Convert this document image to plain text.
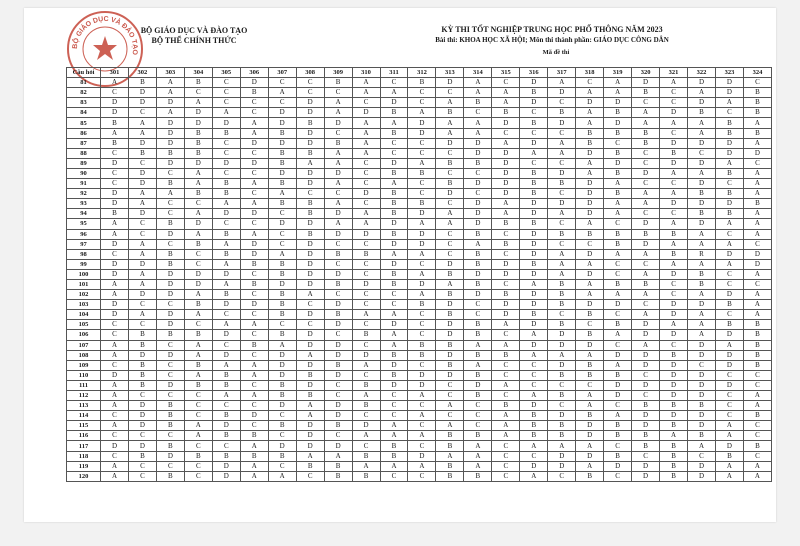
BỘ GIÁO DỤC VÀ ĐÀO TẠO
BỘ GIÁO DỤC VÀ ĐÀO TẠO
BỘ THỂ CHÍNH THỨC
KỲ THI TỐT NGHIỆP TRUNG HỌC PHỔ THÔNG NĂM 2023
Bài thi: KHOA HỌC XÃ HỘI; Môn thi thành phần: GIÁO DỤC CÔNG DÂN
Mã đề thi
Câu hỏi	301	302	303	304	305	306	307	308	309	310	311	312	313	314	315	316	317	318	319	320	321	322	323	324
81	A	B	A	B	C	D	C	C	B	A	C	B	D	A	C	D	A	C	A	D	A	D	D	C
82	C	D	A	C	C	B	A	C	C	A	A	C	C	A	A	B	D	A	A	B	C	A	D	B
83	D	D	D	A	C	C	C	D	A	C	D	C	A	B	A	D	C	D	D	C	C	D	A	B
84	D	C	A	D	A	C	D	D	A	D	B	A	B	C	B	C	B	A	B	A	D	B	C	B
85	B	A	D	D	D	A	D	B	D	A	A	D	A	A	D	B	D	A	D	A	A	A	B	A
86	A	A	D	B	B	A	B	D	C	A	B	D	A	A	C	C	C	B	B	B	C	A	B	B
87	B	D	D	B	C	D	D	D	B	A	C	C	D	D	A	D	A	B	C	B	D	D	D	A
88	C	B	B	B	C	C	B	B	A	A	C	C	C	D	D	A	A	D	B	C	B	C	D	D
89	D	C	D	D	D	D	B	A	A	C	D	A	B	B	D	C	C	A	D	C	D	D	A	C
90	C	D	C	A	C	C	D	D	D	C	B	B	C	C	D	B	D	A	B	D	A	A	B	A
91	C	D	B	A	B	A	B	D	A	C	A	C	B	D	D	B	B	D	A	C	C	D	C	A
92	D	A	A	B	B	C	A	C	C	D	B	C	D	C	D	B	C	D	B	A	A	B	B	A
93	D	A	C	C	A	A	B	B	A	C	B	B	C	D	A	D	D	D	A	A	D	D	D	B
94	B	D	C	A	D	D	C	B	D	A	B	D	A	D	A	D	A	D	A	C	C	B	B	A
95	A	C	B	D	C	C	D	D	A	A	D	A	A	D	B	B	C	A	C	D	A	D	A	A
96	A	C	D	A	B	A	C	B	D	D	B	D	C	B	C	D	B	B	B	B	B	A	C	A
97	D	A	C	B	A	D	C	D	C	C	D	D	C	A	B	D	C	C	B	D	A	A	A	C
98	C	A	B	C	B	D	A	D	B	B	A	A	C	B	C	D	A	D	A	A	B	R	D	D
99	D	D	B	C	A	B	B	D	C	C	D	C	D	B	D	B	A	A	C	C	A	A	A	D
100	D	A	D	D	D	C	B	D	D	C	B	A	B	D	D	D	A	D	C	A	D	B	C	A
101	A	A	D	D	A	B	D	D	B	D	B	D	A	B	C	A	B	A	B	B	C	B	C	C
102	A	D	D	A	B	C	B	A	C	C	C	A	B	D	B	D	B	A	A	A	C	A	D	A
103	D	C	C	B	D	D	B	C	D	C	C	B	D	C	D	D	B	D	D	C	D	D	B	A
104	D	A	D	A	C	C	B	D	B	A	A	C	B	C	D	B	C	B	C	A	D	A	C	A
105	C	C	D	C	A	A	C	C	D	C	D	C	D	B	A	D	B	C	B	D	A	A	B	B
106	C	B	B	B	D	C	B	D	C	B	A	C	D	B	C	A	D	B	A	D	D	A	D	B
107	A	B	C	A	C	B	A	D	D	C	A	B	B	A	A	D	D	D	C	A	C	D	A	B
108	A	D	D	A	D	C	D	A	D	D	B	B	D	B	B	A	A	A	D	D	B	D	D	B
109	C	B	C	B	A	A	D	D	B	A	D	C	B	A	C	C	D	B	A	D	D	C	D	B
110	D	B	C	A	B	A	D	B	D	C	B	D	D	B	C	C	B	B	B	C	D	D	C	C
111	A	B	D	B	B	C	B	D	C	B	D	D	C	D	A	C	C	C	D	D	D	D	D	C
112	A	C	C	C	A	A	B	B	C	A	C	A	C	B	C	A	B	A	D	C	D	D	C	A
113	A	D	B	C	C	C	D	A	D	B	C	C	A	C	B	D	C	A	C	B	B	B	C	A
114	C	D	B	C	B	D	C	A	D	C	C	A	C	C	A	B	D	B	A	D	D	D	C	B
115	A	D	B	A	D	C	B	D	B	D	A	C	A	C	A	B	B	D	B	D	B	D	A	C
116	C	C	C	A	B	B	C	D	C	A	A	A	B	B	A	B	B	D	B	B	A	B	A	C
117	D	D	B	C	C	A	D	D	D	C	B	C	B	A	C	A	A	A	C	B	B	A	D	B
118	C	B	D	B	B	B	B	A	A	B	B	D	A	A	C	C	D	D	B	C	B	C	B	C
119	A	C	C	C	D	A	C	B	B	A	A	A	B	A	C	D	D	A	D	D	B	D	A	A
120	A	C	B	C	D	A	A	C	B	B	C	C	B	B	C	A	C	B	C	D	B	D	A	A
